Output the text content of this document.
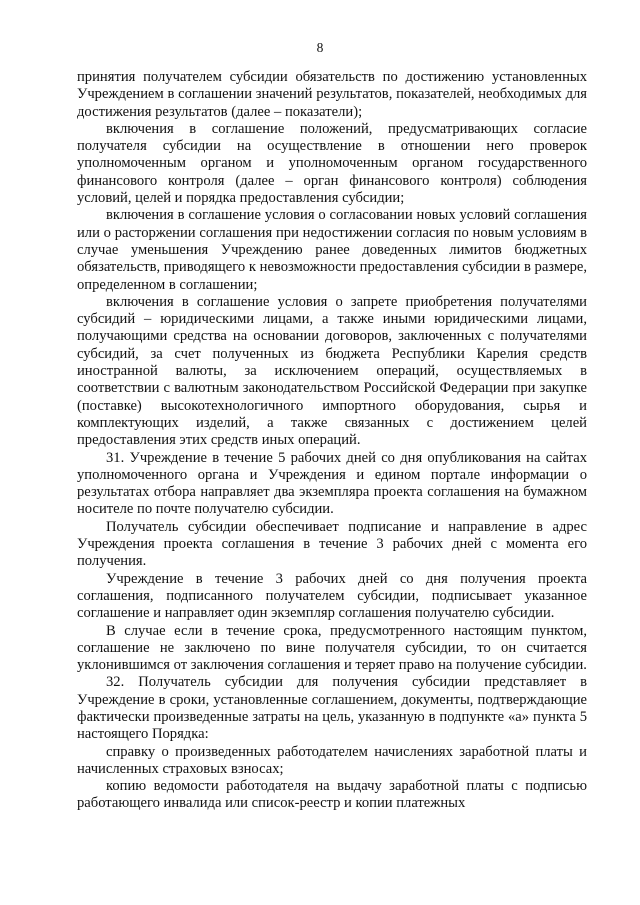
8

принятия получателем субсидии обязательств по достижению установленных Учреждением в соглашении значений результатов, показателей, необходимых для достижения результатов (далее – показатели);

включения в соглашение положений, предусматривающих согласие получателя субсидии на осуществление в отношении него проверок уполномоченным органом и уполномоченным органом государственного финансового контроля (далее – орган финансового контроля) соблюдения условий, целей и порядка предоставления субсидии;

включения в соглашение условия о согласовании новых условий соглашения или о расторжении соглашения при недостижении согласия по новым условиям в случае уменьшения Учреждению ранее доведенных лимитов бюджетных обязательств, приводящего к невозможности предоставления субсидии в размере, определенном в соглашении;

включения в соглашение условия о запрете приобретения получателями субсидий – юридическими лицами, а также иными юридическими лицами, получающими средства на основании договоров, заключенных с получателями субсидий, за счет полученных из бюджета Республики Карелия средств иностранной валюты, за исключением операций, осуществляемых в соответствии с валютным законодательством Российской Федерации при закупке (поставке) высокотехнологичного импортного оборудования, сырья и комплектующих изделий, а также связанных с достижением целей предоставления этих средств иных операций.

31. Учреждение в течение 5 рабочих дней со дня опубликования на сайтах уполномоченного органа и Учреждения и едином портале информации о результатах отбора направляет два экземпляра проекта соглашения на бумажном носителе по почте получателю субсидии.

Получатель субсидии обеспечивает подписание и направление в адрес Учреждения проекта соглашения в течение 3 рабочих дней с момента его получения.

Учреждение в течение 3 рабочих дней со дня получения проекта соглашения, подписанного получателем субсидии, подписывает указанное соглашение и направляет один экземпляр соглашения получателю субсидии.

В случае если в течение срока, предусмотренного настоящим пунктом, соглашение не заключено по вине получателя субсидии, то он считается уклонившимся от заключения соглашения и теряет право на получение субсидии.

32. Получатель субсидии для получения субсидии представляет в Учреждение в сроки, установленные соглашением, документы, подтверждающие фактически произведенные затраты на цель, указанную в подпункте «а» пункта 5 настоящего Порядка:

справку о произведенных работодателем начислениях заработной платы и начисленных страховых взносах;

копию ведомости работодателя на выдачу заработной платы с подписью работающего инвалида или список-реестр и копии платежных
